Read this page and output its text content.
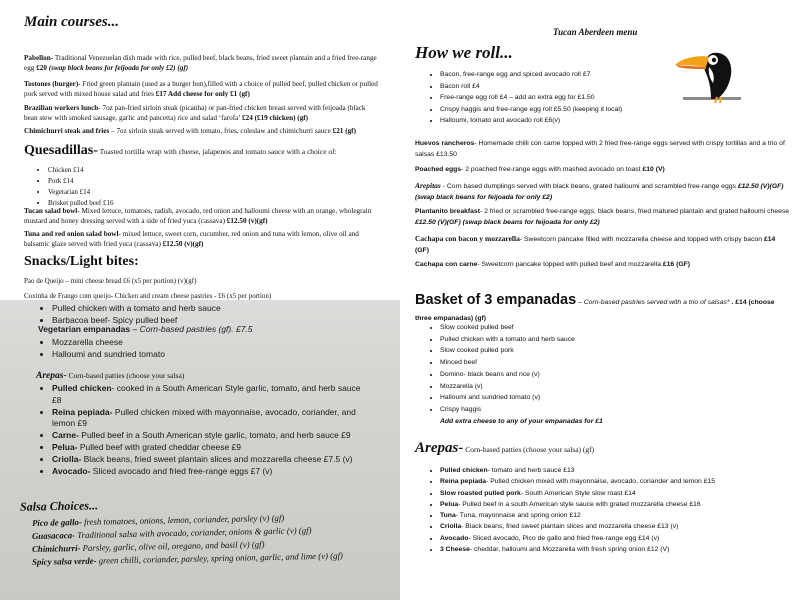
Main courses...
Pabellon- Traditional Venezuelan dish made with rice, pulled beef, black beans, fried sweet plantain and a fried free-range egg £20 (swap black beans for feijoada for only £2) (gf)
Tostones (burger)- Fried green plantain (used as a burger bun),filled with a choice of pulled beef, pulled chicken or pulled pork served with mixed house salad and fries £17 Add cheese for only £1 (gf)
Brazilian workers lunch- 7oz pan-fried sirloin steak (picanha) or pan-fried chicken breast served with feijoada (black bean stew with smoked sausage, garlic and pancetta) rice and salad ‘farofa’ £24 (£19 chicken) (gf)
Chimichurri steak and fries – 7oz sirloin steak served with tomato, fries, coleslaw and chimichurri sauce £21 (gf)
Quesadillas- Toasted tortilla wrap with cheese, jalapenos and tomato sauce with a choice of:
• Chicken £14
• Pork £14
• Vegetarian £14
• Brisket pulled beef £16
Tucan salad bowl- Mixed lettuce, tomatoes, radish, avocado, red onion and halloumi cheese with an orange, wholegrain mustard and honey dressing served with a side of fried yuca (cassava) £12.50 (v)(gf)
Tuna and red onion salad bowl- mixed lettuce, sweet corn, cucumber, red onion and tuna with lemon, olive oil and balsamic glaze served with fried yuca (cassava) £12.50 (v)(gf)
Snacks/Light bites:
Pao de Queijo – mini cheese bread £6 (x5 per portion) (v)(gf)
Coxinha de Frango com queijo- Chicken and cream cheese pastries - £6 (x5 per portion)
• Pulled chicken with a tomato and herb sauce
• Barbacoa beef- Spicy pulled beef
Vegetarian empanadas – Corn-based pastries (gf). £7.5
• Mozzarella cheese
• Halloumi and sundried tomato
Arepas- Corn-based patties (choose your salsa)
• Pulled chicken- cooked in a South American Style garlic, tomato, and herb sauce £8
• Reina pepiada- Pulled chicken mixed with mayonnaise, avocado, coriander, and lemon £9
• Carne- Pulled beef in a South American style garlic, tomato, and herb sauce £9
• Pelua- Pulled beef with grated cheddar cheese £9
• Criolla- Black beans, fried sweet plantain slices and mozzarella cheese £7.5 (v)
• Avocado- Sliced avocado and fried free-range eggs £7 (v)
Salsa Choices...
Pico de gallo- fresh tomatoes, onions, lemon, coriander, parsley (v) (gf)
Guasacaca- Traditional salsa with avocado, coriander, onions & garlic (v) (gf)
Chimichurri- Parsley, garlic, olive oil, oregano, and basil (v) (gf)
Spicy salsa verde- green chilli, coriander, parsley, spring onion, garlic, and lime (v) (gf)
Tucan Aberdeen menu
How we roll...
• Bacon, free-range egg and spiced avocado roll £7
• Bacon roll £4
• Free-range egg roll £4 – add an extra egg for £1.50
• Crispy haggis and free-range egg roll £5.50 (keeping it local)
• Halloumi, tomato and avocado roll £6(v)
Huevos rancheros- Homemade chilli con carne topped with 2 fried free-range eggs served with crispy tortillas and a trio of salsas £13.50
Poached eggs- 2 poached free-range eggs with mashed avocado on toast £10 (V)
Arepitas - Corn based dumplings served with black beans, grated halloumi and scrambled free-range eggs £12.50 (V)(GF) (swap black beans for feijoada for only £2)
Plantanito breakfast- 2 fried or scrambled free-range eggs, black beans, fried matured plantain and grated halloumi cheese £12.50 (V)(GF) (swap black beans for feijoada for only £2)
Cachapa con bacon y mozzarella- Sweetcorn pancake filled with mozzarella cheese and topped with crispy bacon £14 (GF)
Cachapa con carne- Sweetcorn pancake topped with pulled beef and mozzarella £16 (GF)
Basket of 3 empanadas – Corn-based pastries served with a trio of salsas* . £14 (choose three empanadas) (gf)
• Slow cooked pulled beef
• Pulled chicken with a tomato and herb sauce
• Slow cooked pulled pork
• Minced beef
• Domino- black beans and rice (v)
• Mozzarella (v)
• Halloumi and sundried tomato (v)
• Crispy haggis
Add extra cheese to any of your empanadas for £1
Arepas- Corn-based patties (choose your salsa) (gf)
• Pulled chicken- tomato and herb sauce £13
• Reina pepiada- Pulled chicken mixed with mayonnaise, avocado, coriander and lemon £15
• Slow roasted pulled pork- South American Style slow roast £14
• Pelua- Pulled beef in a south American style sauce with grated mozzarella cheese £16
• Tuna- Tuna, mayonnaise and spring onion £12
• Criolla- Black beans, fried sweet plantain slices and mozzarella cheese £13 (v)
• Avocado- Sliced avocado, Pico de gallo and fried free-range egg £14 (v)
• 3 Cheese- cheddar, halloumi and Mozzarella with fresh spring onion £12 (V)
